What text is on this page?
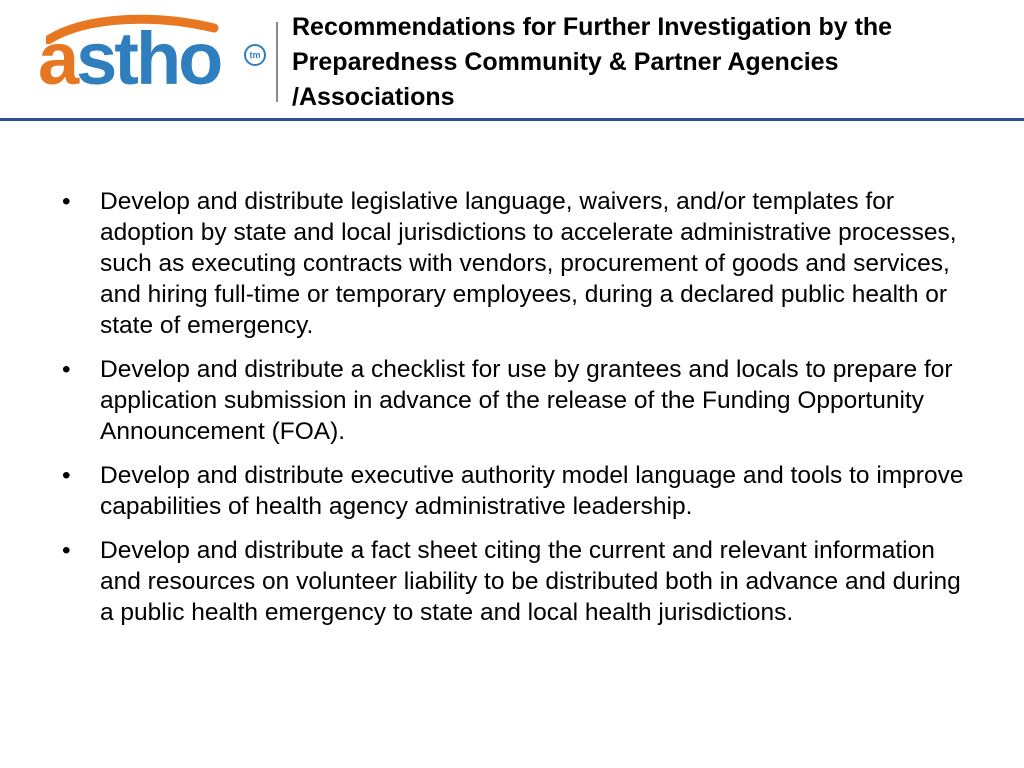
astho	tm
Recommendations for Further Investigation by the Preparedness Community & Partner Agencies /Associations
• Develop and distribute legislative language, waivers, and/or templates for adoption by state and local jurisdictions to accelerate administrative processes, such as executing contracts with vendors, procurement of goods and services, and hiring full-time or temporary employees, during a declared public health or state of emergency.
• Develop and distribute a checklist for use by grantees and locals to prepare for application submission in advance of the release of the Funding Opportunity Announcement (FOA).
• Develop and distribute executive authority model language and tools to improve capabilities of health agency administrative leadership.
• Develop and distribute a fact sheet citing the current and relevant information and resources on volunteer liability to be distributed both in advance and during a public health emergency to state and local health jurisdictions.
